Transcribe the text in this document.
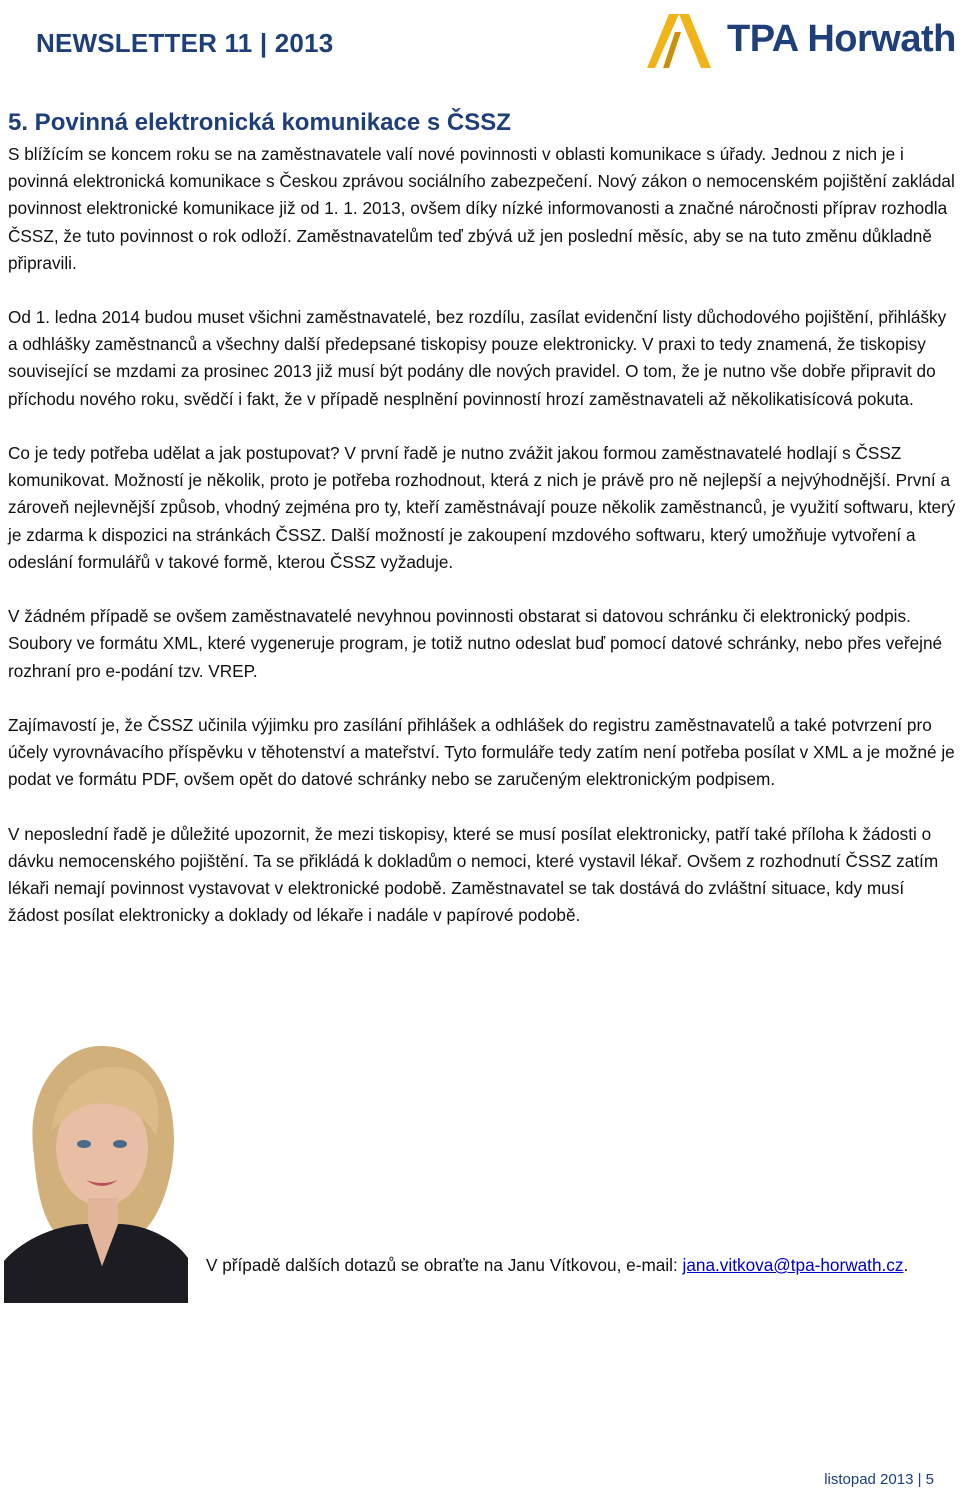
NEWSLETTER 11 | 2013	TPA Horwath
5. Povinná elektronická komunikace s ČSSZ

S blížícím se koncem roku se na zaměstnavatele valí nové povinnosti v oblasti komunikace s úřady. Jednou z nich je i povinná elektronická komunikace s Českou zprávou sociálního zabezpečení. Nový zákon o nemocenském pojištění zakládal povinnost elektronické komunikace již od 1. 1. 2013, ovšem díky nízké informovanosti a značné náročnosti příprav rozhodla ČSSZ, že tuto povinnost o rok odloží. Zaměstnavatelům teď zbývá už jen poslední měsíc, aby se na tuto změnu důkladně připravili.

Od 1. ledna 2014 budou muset všichni zaměstnavatelé, bez rozdílu, zasílat evidenční listy důchodového pojištění, přihlášky a odhlášky zaměstnanců a všechny další předepsané tiskopisy pouze elektronicky. V praxi to tedy znamená, že tiskopisy související se mzdami za prosinec 2013 již musí být podány dle nových pravidel. O tom, že je nutno vše dobře připravit do příchodu nového roku, svědčí i fakt, že v případě nesplnění povinností hrozí zaměstnavateli až několikatisícová pokuta.

Co je tedy potřeba udělat a jak postupovat? V první řadě je nutno zvážit jakou formou zaměstnavatelé hodlají s ČSSZ komunikovat. Možností je několik, proto je potřeba rozhodnout, která z nich je právě pro ně nejlepší a nejvýhodnější. První a zároveň nejlevnější způsob, vhodný zejména pro ty, kteří zaměstnávají pouze několik zaměstnanců, je využití softwaru, který je zdarma k dispozici na stránkách ČSSZ. Další možností je zakoupení mzdového softwaru, který umožňuje vytvoření a odeslání formulářů v takové formě, kterou ČSSZ vyžaduje.

V žádném případě se ovšem zaměstnavatelé nevyhnou povinnosti obstarat si datovou schránku či elektronický podpis. Soubory ve formátu XML, které vygeneruje program, je totiž nutno odeslat buď pomocí datové schránky, nebo přes veřejné rozhraní pro e-podání tzv. VREP.

Zajímavostí je, že ČSSZ učinila výjimku pro zasílání přihlášek a odhlášek do registru zaměstnavatelů a také potvrzení pro účely vyrovnávacího příspěvku v těhotenství a mateřství. Tyto formuláře tedy zatím není potřeba posílat v XML a je možné je podat ve formátu PDF, ovšem opět do datové schránky nebo se zaručeným elektronickým podpisem.

V neposlední řadě je důležité upozornit, že mezi tiskopisy, které se musí posílat elektronicky, patří také příloha k žádosti o dávku nemocenského pojištění. Ta se přikládá k dokladům o nemoci, které vystavil lékař. Ovšem z rozhodnutí ČSSZ zatím lékaři nemají povinnost vystavovat v elektronické podobě. Zaměstnavatel se tak dostává do zvláštní situace, kdy musí žádost posílat elektronicky a doklady od lékaře i nadále v papírové podobě.

V případě dalších dotazů se obraťte na Janu Vítkovou, e-mail: jana.vitkova@tpa-horwath.cz.
listopad 2013 | 5
